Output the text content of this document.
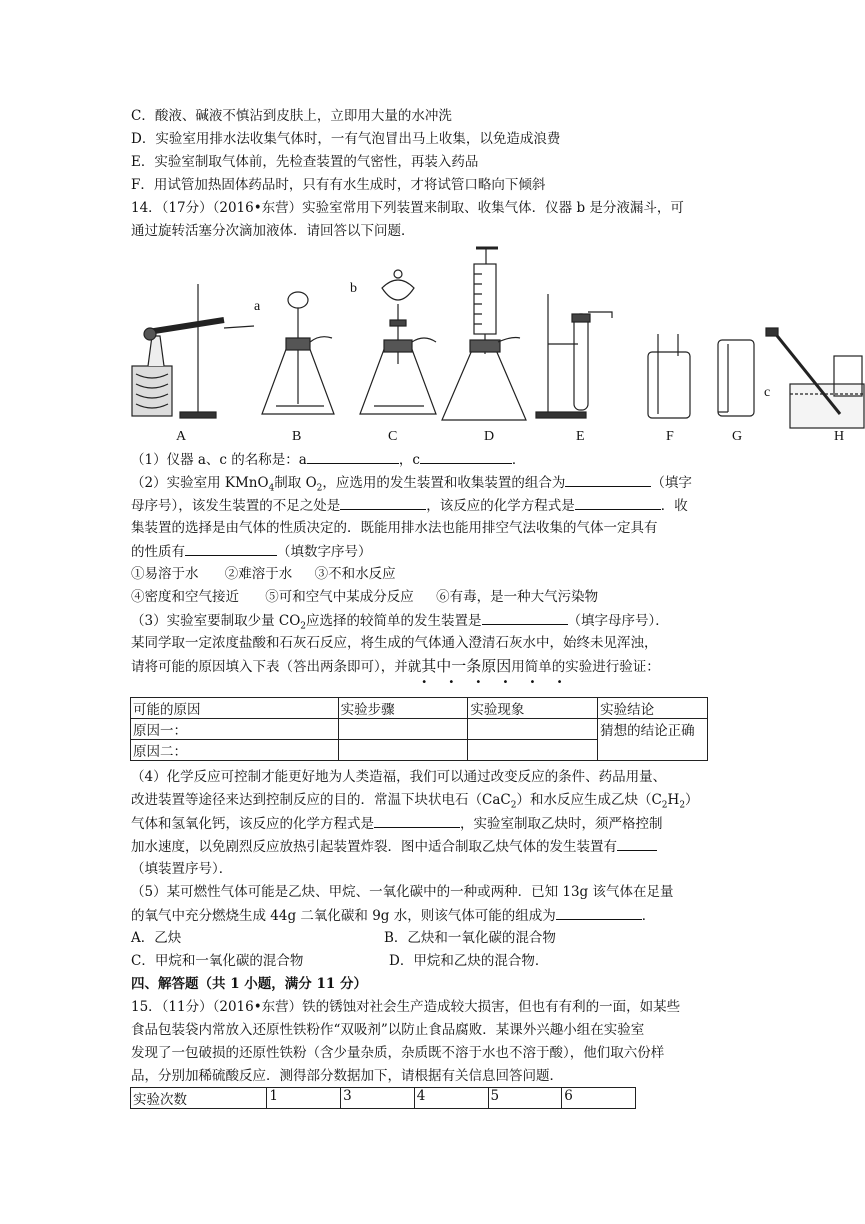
C．酸液、碱液不慎沾到皮肤上，立即用大量的水冲洗
D．实验室用排水法收集气体时，一有气泡冒出马上收集，以免造成浪费
E．实验室制取气体前，先检查装置的气密性，再装入药品
F．用试管加热固体药品时，只有有水生成时，才将试管口略向下倾斜
14．（17分）（2016•东营）实验室常用下列装置来制取、收集气体．仪器 b 是分液漏斗，可
通过旋转活塞分次滴加液体．请回答以下问题．
A	B	C	D	E	F	G	H
a
b
c
（1）仪器 a、c 的名称是：a	，c	．
（2）实验室用 KMnO$_4$制取 $O_2$，应选用的发生装置和收集装置的组合为	（填字
母序号），该发生装置的不足之处是	，该反应的化学方程式是	．收
集装置的选择是由气体的性质决定的．既能用排水法也能用排空气法收集的气体一定具有
的性质有	（填数字序号）
①易溶于水 ②难溶于水 ③不和水反应
④密度和空气接近 ⑤可和空气中某成分反应 ⑥有毒，是一种大气污染物
（3）实验室要制取少量 $CO_2$应选择的较简单的发生装置是	（填字母序号）．
某同学取一定浓度盐酸和石灰石反应，将生成的气体通入澄清石灰水中，始终未见浑浊，
请将可能的原因填入下表（答出两条即可），并就其中一条原因
• • • • • •
用简单的实验进行验证：
可能的原因	实验步骤	实验现象	实验结论
原因一：			猜想的结论正确
原因二：			
（4）化学反应可控制才能更好地为人类造福，我们可以通过改变反应的条件、药品用量、
改进装置等途径来达到控制反应的目的．常温下块状电石（CaC$_2$）和水反应生成乙炔$(C_2H_2)$
气体和氢氧化钙，该反应的化学方程式是	，实验室制取乙炔时，须严格控制
加水速度，以免剧烈反应放热引起装置炸裂．图中适合制取乙炔气体的发生装置有
（填装置序号）．
（5）某可燃性气体可能是乙炔、甲烷、一氧化碳中的一种或两种．已知 13g 该气体在足量
的氧气中充分燃烧生成 44g 二氧化碳和 9g 水，则该气体可能的组成为	．
A．乙炔	B．乙炔和一氧化碳的混合物
C．甲烷和一氧化碳的混合物	D．甲烷和乙炔的混合物．
四、解答题（共 1 小题，满分 11 分）
15．（11分）（2016•东营）铁的锈蚀对社会生产造成较大损害，但也有有利的一面，如某些
食品包装袋内常放入还原性铁粉作“双吸剂”以防止食品腐败．某课外兴趣小组在实验室
发现了一包破损的还原性铁粉（含少量杂质，杂质既不溶于水也不溶于酸），他们取六份样
品，分别加稀硫酸反应．测得部分数据加下，请根据有关信息回答问题．
实验次数	1	3	4	5	6
